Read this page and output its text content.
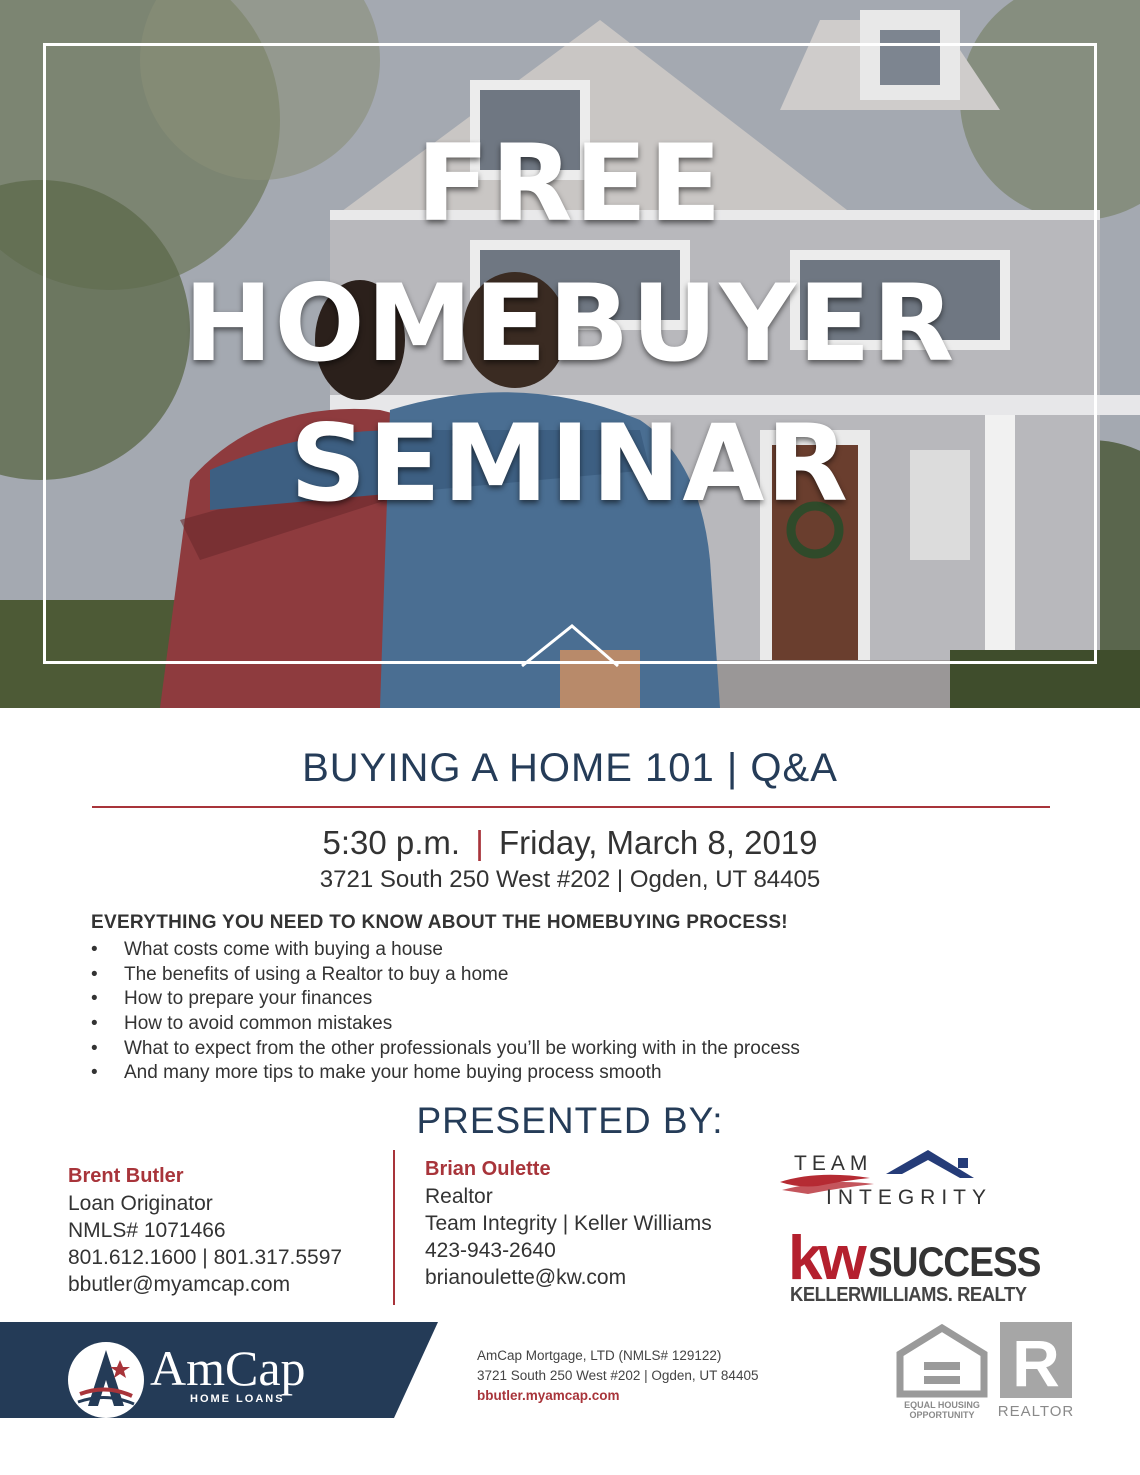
FREE
HOMEBUYER
SEMINAR
BUYING A HOME 101 | Q&A
5:30 p.m. | Friday, March 8, 2019
3721 South 250 West #202 | Ogden, UT 84405
EVERYTHING YOU NEED TO KNOW ABOUT THE HOMEBUYING PROCESS!
• What costs come with buying a house
• The benefits of using a Realtor to buy a home
• How to prepare your finances
• How to avoid common mistakes
• What to expect from the other professionals you’ll be working with in the process
• And many more tips to make your home buying process smooth
PRESENTED BY:
Brent Butler
Loan Originator
NMLS# 1071466
801.612.1600 | 801.317.5597
bbutler@myamcap.com
Brian Oulette
Realtor
Team Integrity | Keller Williams
423-943-2640
brianoulette@kw.com
TEAM
INTEGRITY
kw SUCCESS
KELLERWILLIAMS. REALTY
AmCap
HOME LOANS
AmCap Mortgage, LTD (NMLS# 129122)
3721 South 250 West #202 | Ogden, UT 84405
bbutler.myamcap.com
EQUAL HOUSING
OPPORTUNITY
R
REALTOR
